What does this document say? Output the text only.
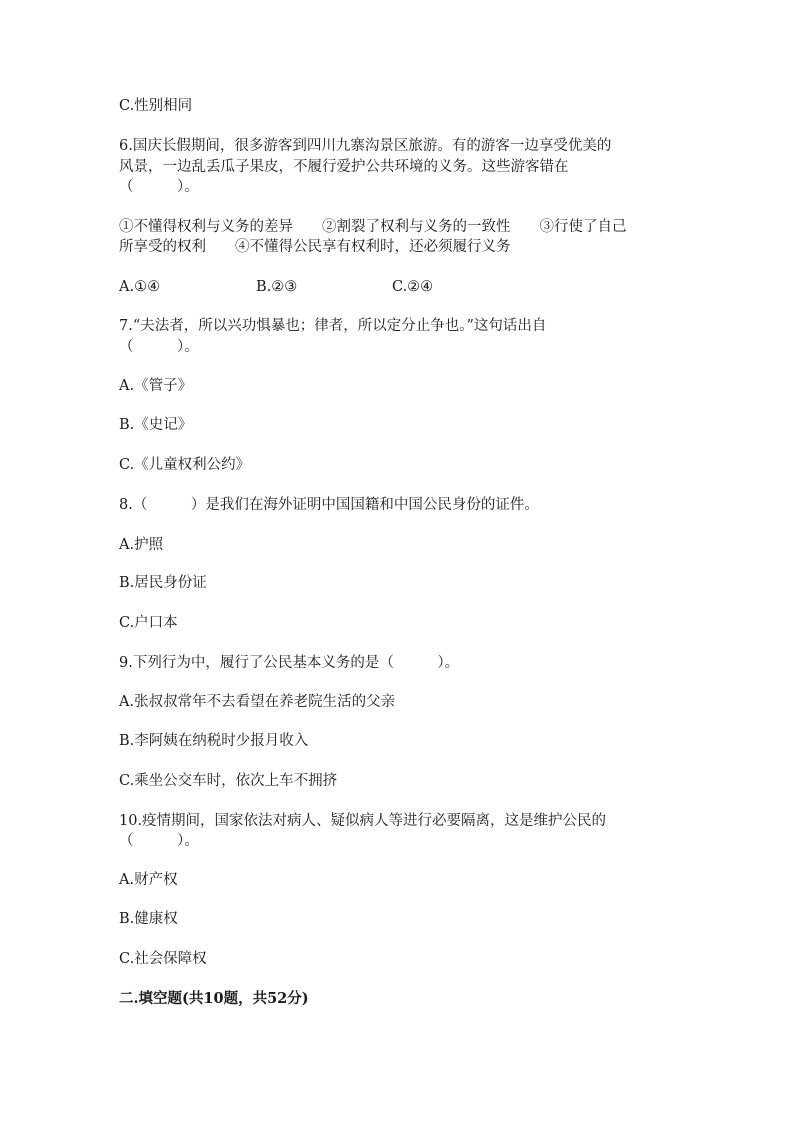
C.性别相同
6.国庆长假期间，很多游客到四川九寨沟景区旅游。有的游客一边享受优美的
风景，一边乱丢瓜子果皮，不履行爱护公共环境的义务。这些游客错在
（　　　）。
①不懂得权利与义务的差异　　②割裂了权利与义务的一致性　　③行使了自己
所享受的权利　　④不懂得公民享有权利时，还必须履行义务
A.①④	B.②③	C.②④
7.“夫法者，所以兴功惧暴也；律者，所以定分止争也。”这句话出自
（　　　）。
A.《管子》
B.《史记》
C.《儿童权利公约》
8.（　　　）是我们在海外证明中国国籍和中国公民身份的证件。
A.护照
B.居民身份证
C.户口本
9.下列行为中，履行了公民基本义务的是（　　　）。
A.张叔叔常年不去看望在养老院生活的父亲
B.李阿姨在纳税时少报月收入
C.乘坐公交车时，依次上车不拥挤
10.疫情期间，国家依法对病人、疑似病人等进行必要隔离，这是维护公民的
（　　　）。
A.财产权
B.健康权
C.社会保障权
二.填空题(共10题，共52分)
